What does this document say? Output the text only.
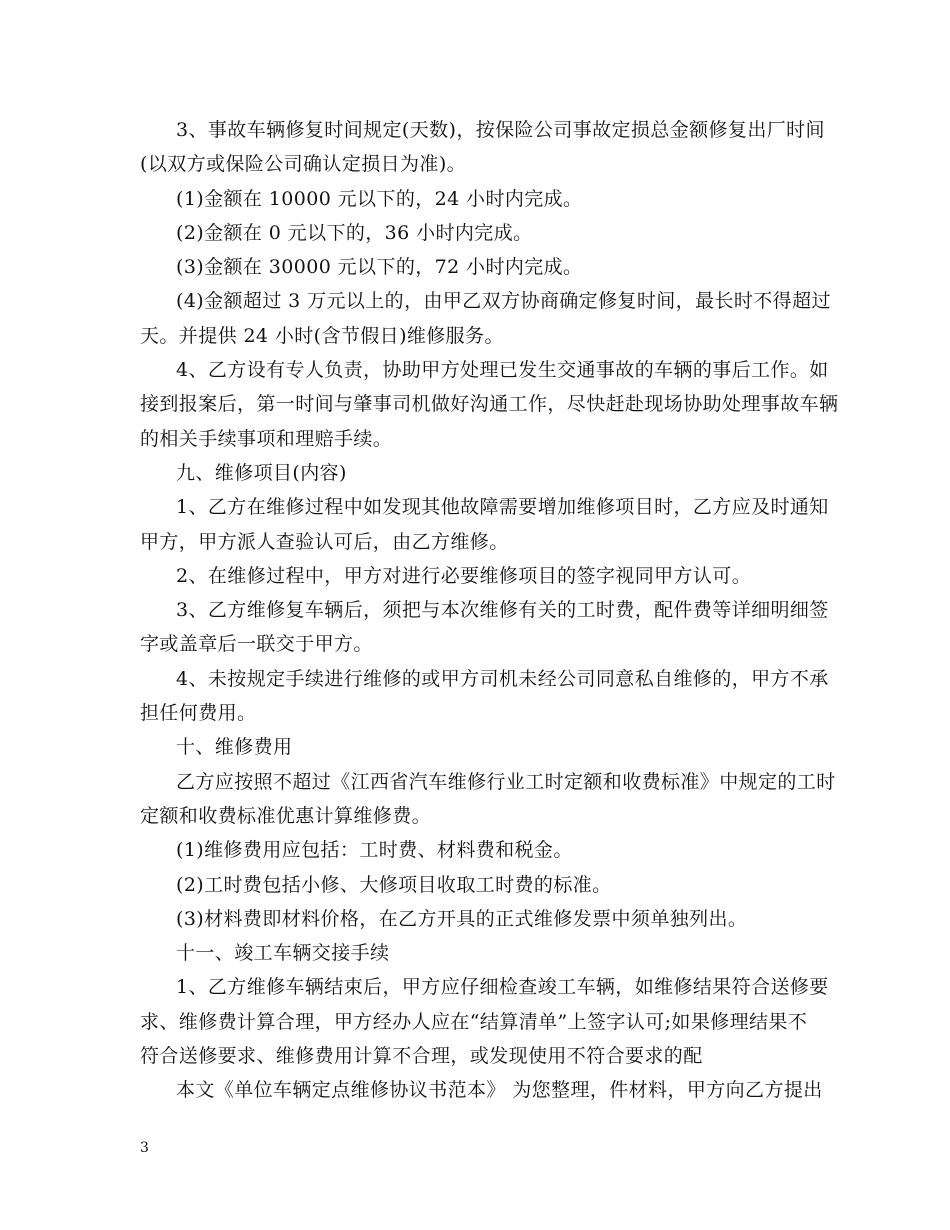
3、事故车辆修复时间规定(天数)，按保险公司事故定损总金额修复出厂时间

(以双方或保险公司确认定损日为准)。

(1)金额在 10000 元以下的，24 小时内完成。

(2)金额在 0 元以下的，36 小时内完成。

(3)金额在 30000 元以下的，72 小时内完成。

(4)金额超过 3 万元以上的，由甲乙双方协商确定修复时间，最长时不得超过

天。并提供 24 小时(含节假日)维修服务。

4、乙方设有专人负责，协助甲方处理已发生交通事故的车辆的事后工作。如

接到报案后，第一时间与肇事司机做好沟通工作，尽快赶赴现场协助处理事故车辆

的相关手续事项和理赔手续。

九、维修项目(内容)

1、乙方在维修过程中如发现其他故障需要增加维修项目时，乙方应及时通知

甲方，甲方派人查验认可后，由乙方维修。

2、在维修过程中，甲方对进行必要维修项目的签字视同甲方认可。

3、乙方维修复车辆后，须把与本次维修有关的工时费，配件费等详细明细签

字或盖章后一联交于甲方。

4、未按规定手续进行维修的或甲方司机未经公司同意私自维修的，甲方不承

担任何费用。

十、维修费用

乙方应按照不超过《江西省汽车维修行业工时定额和收费标准》中规定的工时

定额和收费标准优惠计算维修费。

(1)维修费用应包括：工时费、材料费和税金。

(2)工时费包括小修、大修项目收取工时费的标准。

(3)材料费即材料价格，在乙方开具的正式维修发票中须单独列出。

十一、竣工车辆交接手续

1、乙方维修车辆结束后，甲方应仔细检查竣工车辆，如维修结果符合送修要

求、维修费计算合理，甲方经办人应在“结算清单”上签字认可;如果修理结果不

符合送修要求、维修费用计算不合理，或发现使用不符合要求的配

本文《单位车辆定点维修协议书范本》 为您整理，件材料，甲方向乙方提出

3
